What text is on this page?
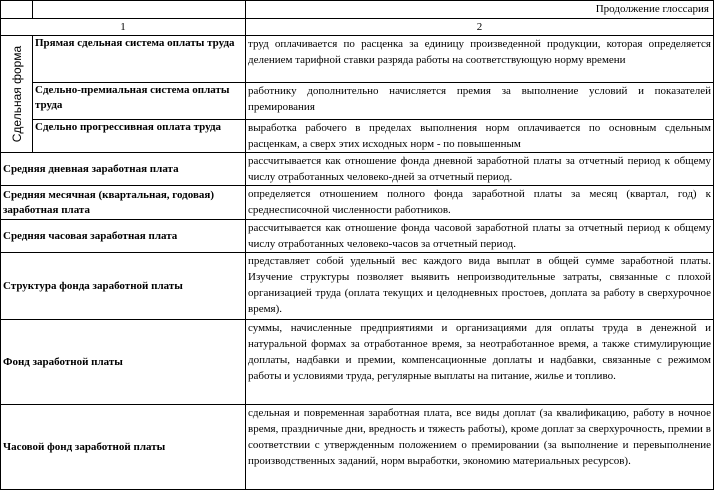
		Продолжение глоссария
1		2

Сдельная форма	Прямая сдельная система оплаты труда	труд оплачивается по расценка за единицу произведенной продукции, которая определяется делением тарифной ставки разряда работы на соответствующую норму времени
	Сдельно-премиальная система оплаты труда	работнику дополнительно начисляется премия за выполнение условий и показателей премирования
	Сдельно прогрессивная оплата труда	выработка рабочего в пределах выполнения норм оплачивается по основным сдельным расценкам, а сверх этих исходных норм - по повышенным
Средняя дневная заработная плата		рассчитывается как отношение фонда дневной заработной платы за отчетный период к общему числу отработанных человеко-дней за отчетный период.
Средняя месячная (квартальная, годовая) заработная плата		определяется отношением полного фонда заработной платы за месяц (квартал, год) к среднесписочной численности работников.
Средняя часовая заработная плата		рассчитывается как отношение фонда часовой заработной платы за отчетный период к общему числу отработанных человеко-часов за отчетный период.
Структура фонда заработной платы		представляет собой удельный вес каждого вида выплат в общей сумме заработной платы. Изучение структуры позволяет выявить непроизводительные затраты, связанные с плохой организацией труда (оплата текущих и целодневных простоев, доплата за работу в сверхурочное время).
Фонд заработной платы		суммы, начисленные предприятиями и организациями для оплаты труда в денежной и натуральной формах за отработанное время, за неотработанное время, а также стимулирующие доплаты, надбавки и премии, компенсационные доплаты и надбавки, связанные с режимом работы и условиями труда, регулярные выплаты на питание, жилье и топливо.
Часовой фонд заработной платы		сдельная и повременная заработная плата, все виды доплат (за квалификацию, работу в ночное время, праздничные дни, вредность и тяжесть работы), кроме доплат за сверхурочность, премии в соответствии с утвержденным положением о премировании (за выполнение и перевыполнение производственных заданий, норм выработки, экономию материальных ресурсов).
